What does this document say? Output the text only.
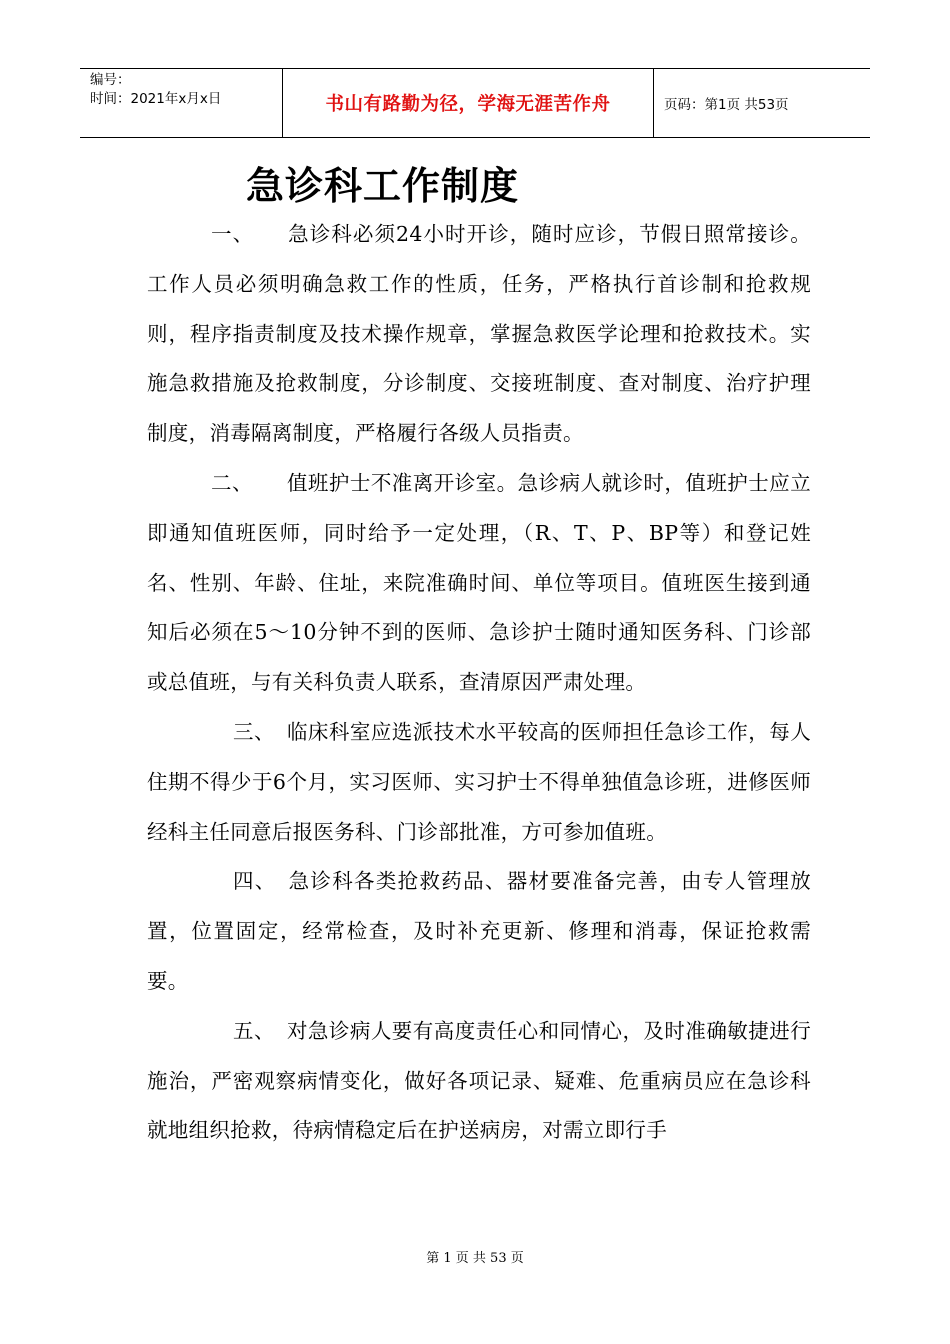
编号：
时间：2021年x月x日	书山有路勤为径，学海无涯苦作舟	页码：第1页 共53页
急诊科工作制度

一、 急诊科必须24小时开诊，随时应诊，节假日照常接诊。工作人员必须明确急救工作的性质，任务，严格执行首诊制和抢救规则，程序指责制度及技术操作规章，掌握急救医学论理和抢救技术。实施急救措施及抢救制度，分诊制度、交接班制度、查对制度、治疗护理制度，消毒隔离制度，严格履行各级人员指责。

二、 值班护士不准离开诊室。急诊病人就诊时，值班护士应立即通知值班医师，同时给予一定处理，（R、T、P、BP等）和登记姓名、性别、年龄、住址，来院准确时间、单位等项目。值班医生接到通知后必须在5～10分钟不到的医师、急诊护士随时通知医务科、门诊部或总值班，与有关科负责人联系，查清原因严肃处理。

三、 临床科室应选派技术水平较高的医师担任急诊工作，每人住期不得少于6个月，实习医师、实习护士不得单独值急诊班，进修医师经科主任同意后报医务科、门诊部批准，方可参加值班。

四、 急诊科各类抢救药品、器材要准备完善，由专人管理放置，位置固定，经常检查，及时补充更新、修理和消毒，保证抢救需要。

五、 对急诊病人要有高度责任心和同情心，及时准确敏捷进行施治，严密观察病情变化，做好各项记录、疑难、危重病员应在急诊科就地组织抢救，待病情稳定后在护送病房，对需立即行手

第 1 页 共 53 页
